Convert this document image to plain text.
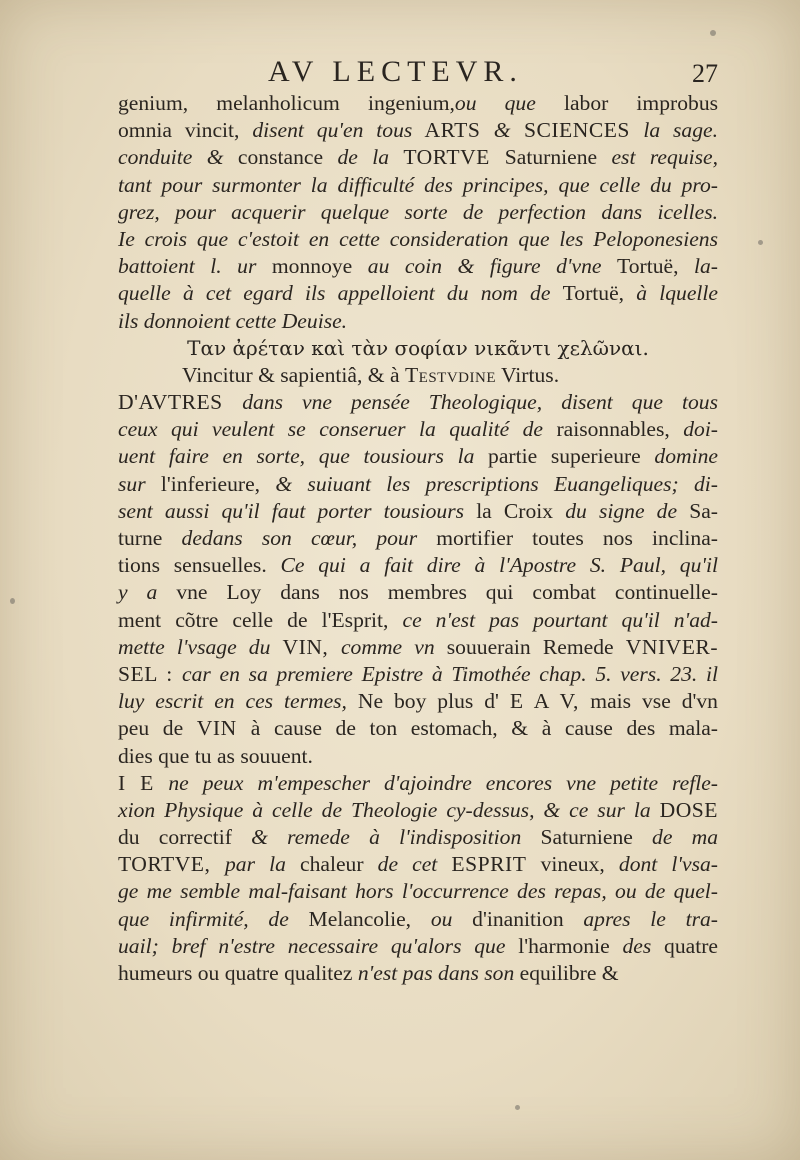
AV LECTEVR.	27
genium, melanholicum ingenium,ou que labor improbus
omnia vincit, disent qu'en tous ARTS & SCIENCES la sage.
conduite & constance de la TORTVE Saturniene est requise,
tant pour surmonter la difficulté des principes, que celle du pro-
grez, pour acquerir quelque sorte de perfection dans icelles.
Ie crois que c'estoit en cette consideration que les Peloponesiens
battoient l. ur monnoye au coin & figure d'vne Tortuë, la-
quelle à cet egard ils appelloient du nom de Tortuë, à lquelle
ils donnoient cette Deuise.
Ταν ἀρέταν καὶ τὰν σοφίαν νικᾶντι χελῶναι.
Vincitur & sapientiâ, & à Testvdine Virtus.
D'AVTRES dans vne pensée Theologique, disent que tous
ceux qui veulent se conseruer la qualité de raisonnables, doi-
uent faire en sorte, que tousiours la partie superieure domine
sur l'inferieure, & suiuant les prescriptions Euangeliques; di-
sent aussi qu'il faut porter tousiours la Croix du signe de Sa-
turne dedans son cœur, pour mortifier toutes nos inclina-
tions sensuelles. Ce qui a fait dire à l'Apostre S. Paul, qu'il
y a vne Loy dans nos membres qui combat continuelle-
ment cõtre celle de l'Esprit, ce n'est pas pourtant qu'il n'ad-
mette l'vsage du VIN, comme vn souuerain Remede VNIVER-
SEL : car en sa premiere Epistre à Timothée chap. 5. vers. 23. il
luy escrit en ces termes, Ne boy plus d' E A V, mais vse d'vn
peu de VIN à cause de ton estomach, & à cause des mala-
dies que tu as souuent.
I E ne peux m'empescher d'ajoindre encores vne petite refle-
xion Physique à celle de Theologie cy-dessus, & ce sur la DOSE
du correctif & remede à l'indisposition Saturniene de ma
TORTVE, par la chaleur de cet ESPRIT vineux, dont l'vsa-
ge me semble mal-faisant hors l'occurrence des repas, ou de quel-
que infirmité, de Melancolie, ou d'inanition apres le tra-
uail; bref n'estre necessaire qu'alors que l'harmonie des quatre
humeurs ou quatre qualitez n'est pas dans son equilibre &
